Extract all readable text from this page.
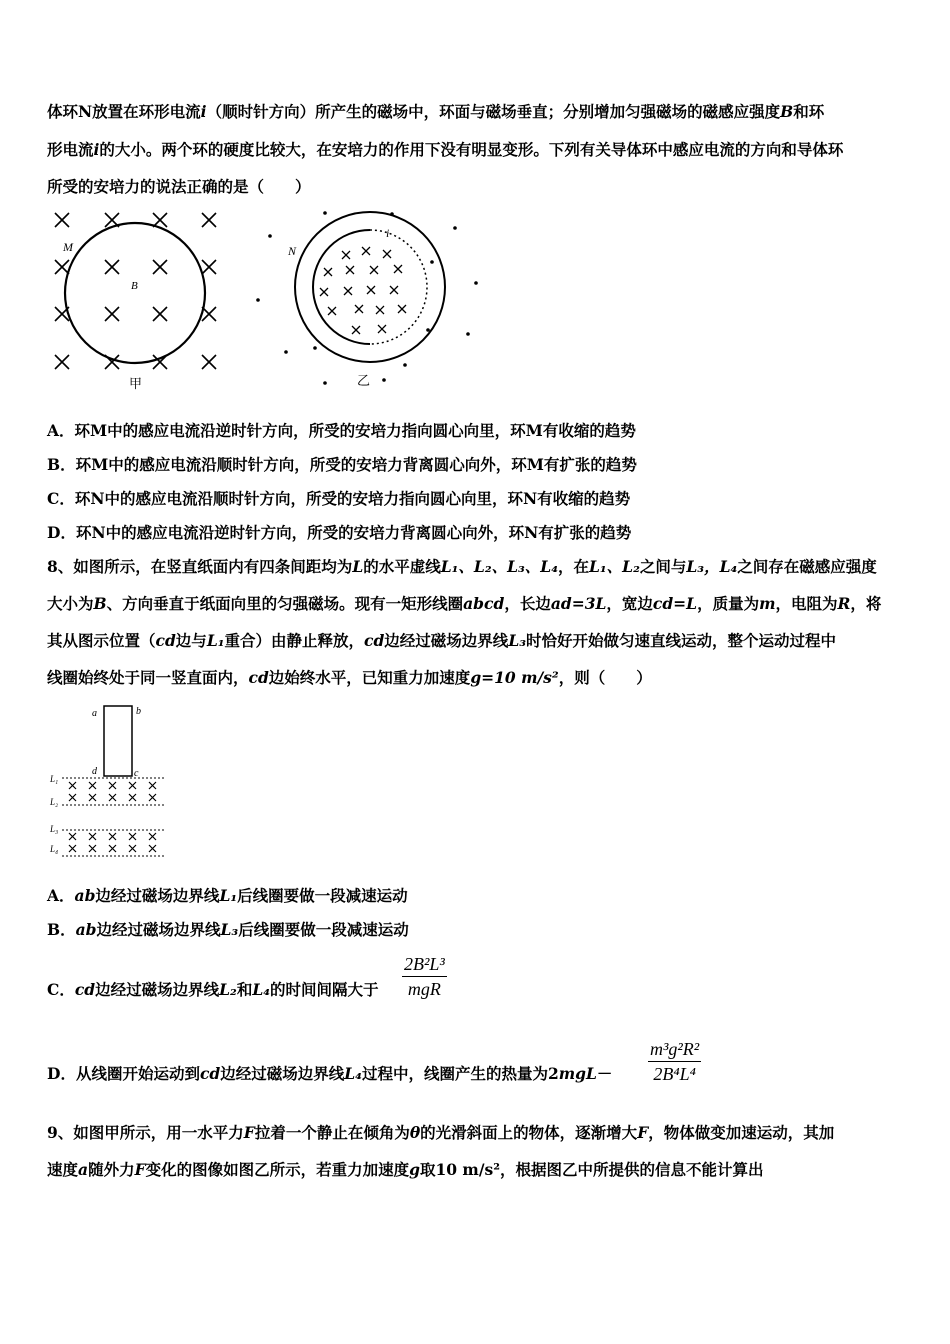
体环N放置在环形电流i（顺时针方向）所产生的磁场中，环面与磁场垂直；分别增加匀强磁场的磁感应强度B和环
形电流i的大小。两个环的硬度比较大，在安培力的作用下没有明显变形。下列有关导体环中感应电流的方向和导体环
所受的安培力的说法正确的是（　　）
M
B
甲
N
i
乙
A．环M中的感应电流沿逆时针方向，所受的安培力指向圆心向里，环M有收缩的趋势
B．环M中的感应电流沿顺时针方向，所受的安培力背离圆心向外，环M有扩张的趋势
C．环N中的感应电流沿顺时针方向，所受的安培力指向圆心向里，环N有收缩的趋势
D．环N中的感应电流沿逆时针方向，所受的安培力背离圆心向外，环N有扩张的趋势
8、如图所示，在竖直纸面内有四条间距均为L的水平虚线L₁、L₂、L₃、L₄，在L₁、L₂之间与L₃，L₄之间存在磁感应强度
大小为B、方向垂直于纸面向里的匀强磁场。现有一矩形线圈abcd，长边ad=3L，宽边cd=L，质量为m，电阻为R，将
其从图示位置（cd边与L₁重合）由静止释放，cd边经过磁场边界线L₃时恰好开始做匀速直线运动，整个运动过程中
线圈始终处于同一竖直面内，cd边始终水平，已知重力加速度g=10 m/s²，则（　　）
a	b
d	c
L₁
L₂
L₃
L₄
A．ab边经过磁场边界线L₁后线圈要做一段减速运动
B．ab边经过磁场边界线L₃后线圈要做一段减速运动
C．cd边经过磁场边界线L₂和L₄的时间间隔大于
2B²L³
mgR
D．从线圈开始运动到cd边经过磁场边界线L₄过程中，线圈产生的热量为2mgL－
m³g²R²
2B⁴L⁴
9、如图甲所示，用一水平力F拉着一个静止在倾角为θ的光滑斜面上的物体，逐渐增大F，物体做变加速运动，其加
速度a随外力F变化的图像如图乙所示，若重力加速度g取10 m/s²，根据图乙中所提供的信息不能计算出
